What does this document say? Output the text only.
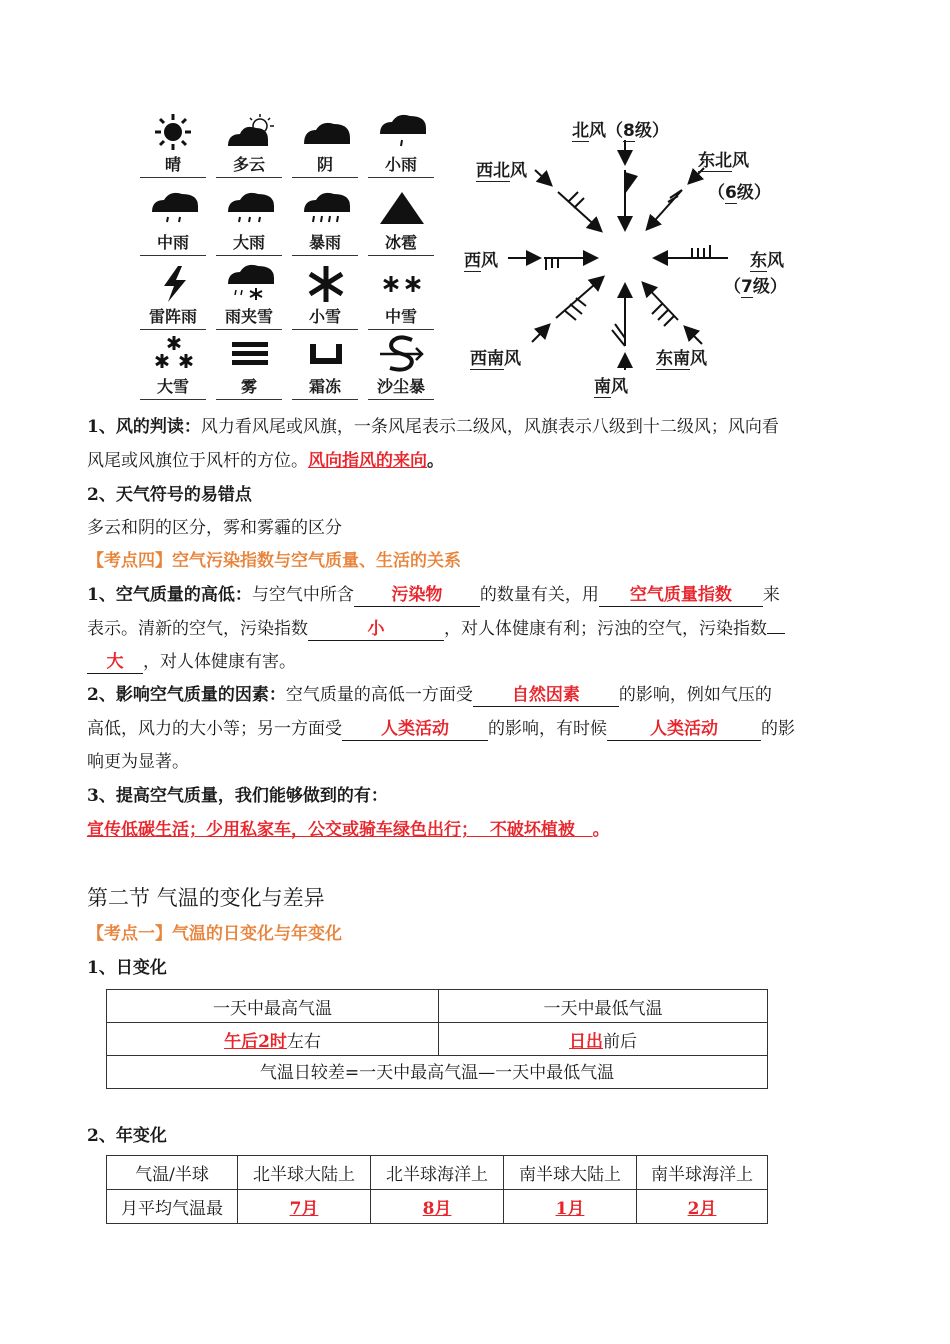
晴	多云	阴	小雨
中雨	大雨	暴雨	冰雹
雷阵雨	雨夹雪	小雪	中雪
大雪	雾	霜冻	沙尘暴
北风（8级）
东北风
（6级）
西北风
西风	东风
（7级）
西南风	东南风
南风
1、风的判读：风力看风尾或风旗，一条风尾表示二级风，风旗表示八级到十二级风；风向看
风尾或风旗位于风杆的方位。风向指风的来向。
2、天气符号的易错点
多云和阴的区分，雾和雾霾的区分
【考点四】空气污染指数与空气质量、生活的关系
1、空气质量的高低：与空气中所含 污染物 的数量有关，用 空气质量指数 来
表示。清新的空气，污染指数	小	，对人体健康有利；污浊的空气，污染指数
大 ，对人体健康有害。
2、影响空气质量的因素：空气质量的高低一方面受 自然因素 的影响，例如气压的
高低，风力的大小等；另一方面受 人类活动 的影响，有时候	人类活动	的影
响更为显著。
3、提高空气质量，我们能够做到的有：
宣传低碳生活；少用私家车，公交或骑车绿色出行； 不破坏植被 。
第二节 气温的变化与差异
【考点一】气温的日变化与年变化
1、日变化
一天中最高气温	一天中最低气温
午后2时左右	日出前后
气温日较差=一天中最高气温—一天中最低气温	
2、年变化
气温/半球	北半球大陆上	北半球海洋上	南半球大陆上	南半球海洋上
月平均气温最	7月	8月	1月	2月
